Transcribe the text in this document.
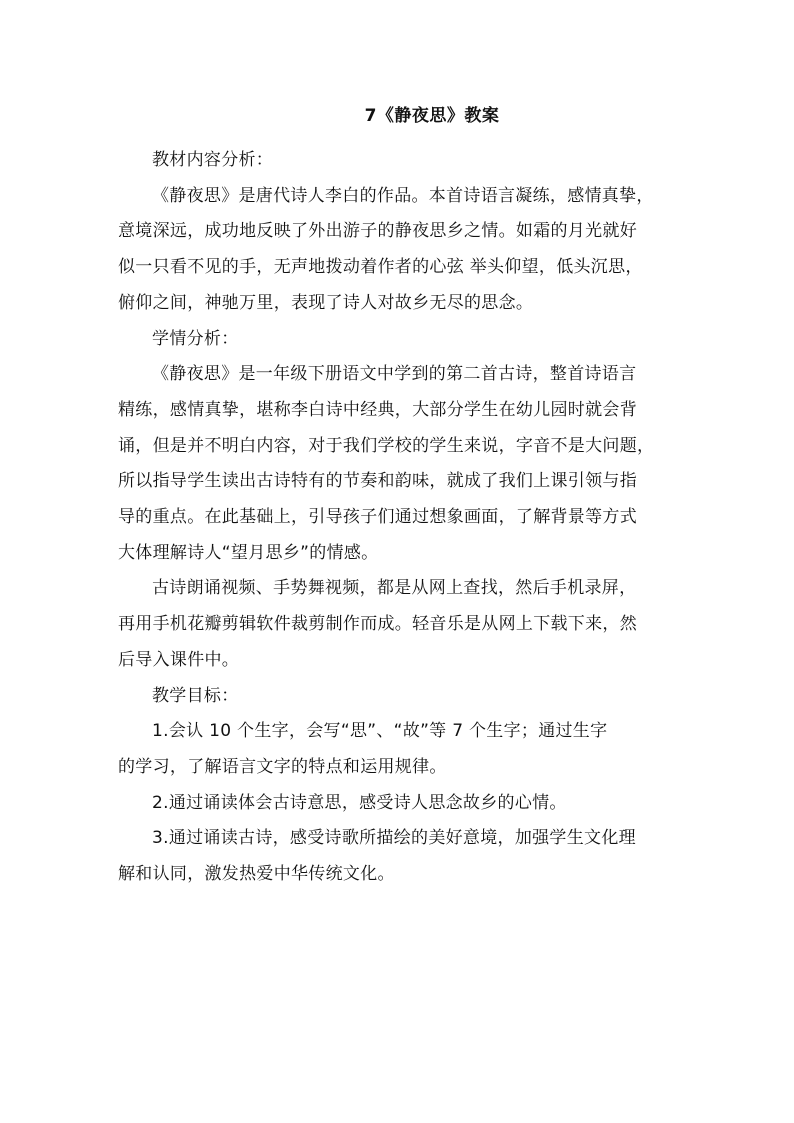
7《静夜思》教案

教材内容分析：

《静夜思》是唐代诗人李白的作品。本首诗语言凝练，感情真挚，
意境深远，成功地反映了外出游子的静夜思乡之情。如霜的月光就好
似一只看不见的手，无声地拨动着作者的心弦 举头仰望，低头沉思，
俯仰之间，神驰万里，表现了诗人对故乡无尽的思念。

学情分析：

《静夜思》是一年级下册语文中学到的第二首古诗，整首诗语言
精练，感情真挚，堪称李白诗中经典，大部分学生在幼儿园时就会背
诵，但是并不明白内容，对于我们学校的学生来说，字音不是大问题，
所以指导学生读出古诗特有的节奏和韵味，就成了我们上课引领与指
导的重点。在此基础上，引导孩子们通过想象画面，了解背景等方式
大体理解诗人“望月思乡”的情感。

古诗朗诵视频、手势舞视频，都是从网上查找，然后手机录屏，
再用手机花瓣剪辑软件裁剪制作而成。轻音乐是从网上下载下来，然
后导入课件中。

教学目标：

1.会认 10 个生字，会写“思”、“故”等 7 个生字；通过生字
的学习，了解语言文字的特点和运用规律。

2.通过诵读体会古诗意思，感受诗人思念故乡的心情。

3.通过诵读古诗，感受诗歌所描绘的美好意境，加强学生文化理
解和认同，激发热爱中华传统文化。
